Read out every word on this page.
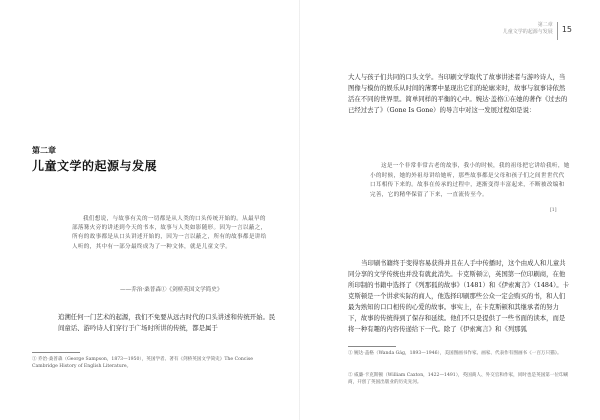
第二章
儿童文学的起源与发展
我们想说，与故事有关的一切都是从人类的口头传统开始的。从最早的部落篝火旁的讲述到今天的书本，故事与人类如影随形。因为一言以蔽之，所有的故事都是从口头讲述开始的，因为一言以蔽之，所有的故事都是讲给人听的，其中有一部分最终成为了一种文体，就是儿童文学。
——乔治·桑普森①《剑桥英国文学简史》
追溯任何一门艺术的起源，我们不免要从远古时代的口头讲述和传统开始。民间童话、游吟诗人们穿行于广场时所讲的传统，都是属于
① 乔治·桑普森（George Sampson，1873—1950），英国学者、著有《剑桥英国文学简史》The Concise Cambridge History of English Literature。
第二章
儿童文学的起源与发展 15
大人与孩子们共同的口头文学。当印刷文学取代了故事讲述者与游吟诗人，当图像与模仿的娱乐从时间的薄雾中显现出它们的轮廓来时，故事与叙事诗依然活在不同的世界里。简单同样的平衡的心中。婉达·盖格①在她的著作《过去的已经过去了》（Gone Is Gone）的导言中对这一发展过程如是说：
这是一个非常非常古老的故事，我小的时候，我的祖母把它讲给我听，她小的时候，她的外祖母讲给她听，那些故事都是父母和孩子们之间世世代代口耳相传下来的。故事在传承的过程中，逐渐变得丰富起来，不断被改编和完善，它的精华保留了下来，一直流传至今。
[1]
当印刷书籍终于变得容易获得并且在人手中传播时，这个由成人和儿童共同分享的文学传统也并没有就此消失。卡克斯顿②，英国第一位印刷商，在他所印制的书籍中选择了《列那狐的故事》（1481）和《伊索寓言》（1484）。卡克斯顿是一个讲求实际的商人，他选择印刷那些公众一定会购买的书，和人们最为熟知的口口相传的心爱的故事。事实上，在卡克斯顿和其继承者的努力下，故事的传统得到了保存和延续。他们不只是提供了一些书面的读本，而是将一种有趣的内容传递给下一代。除了《伊索寓言》和《列那狐
① 婉达·盖格（Wanda Gág，1893—1946），美国图画书作家、画家、代表作有图画书《一百万只猫》。
② 威廉·卡克斯顿（William Caxton，1422—1491），英国商人、外交官和作家，同时也是英国第一位印刷商，开创了英国出版业的历史先河。
